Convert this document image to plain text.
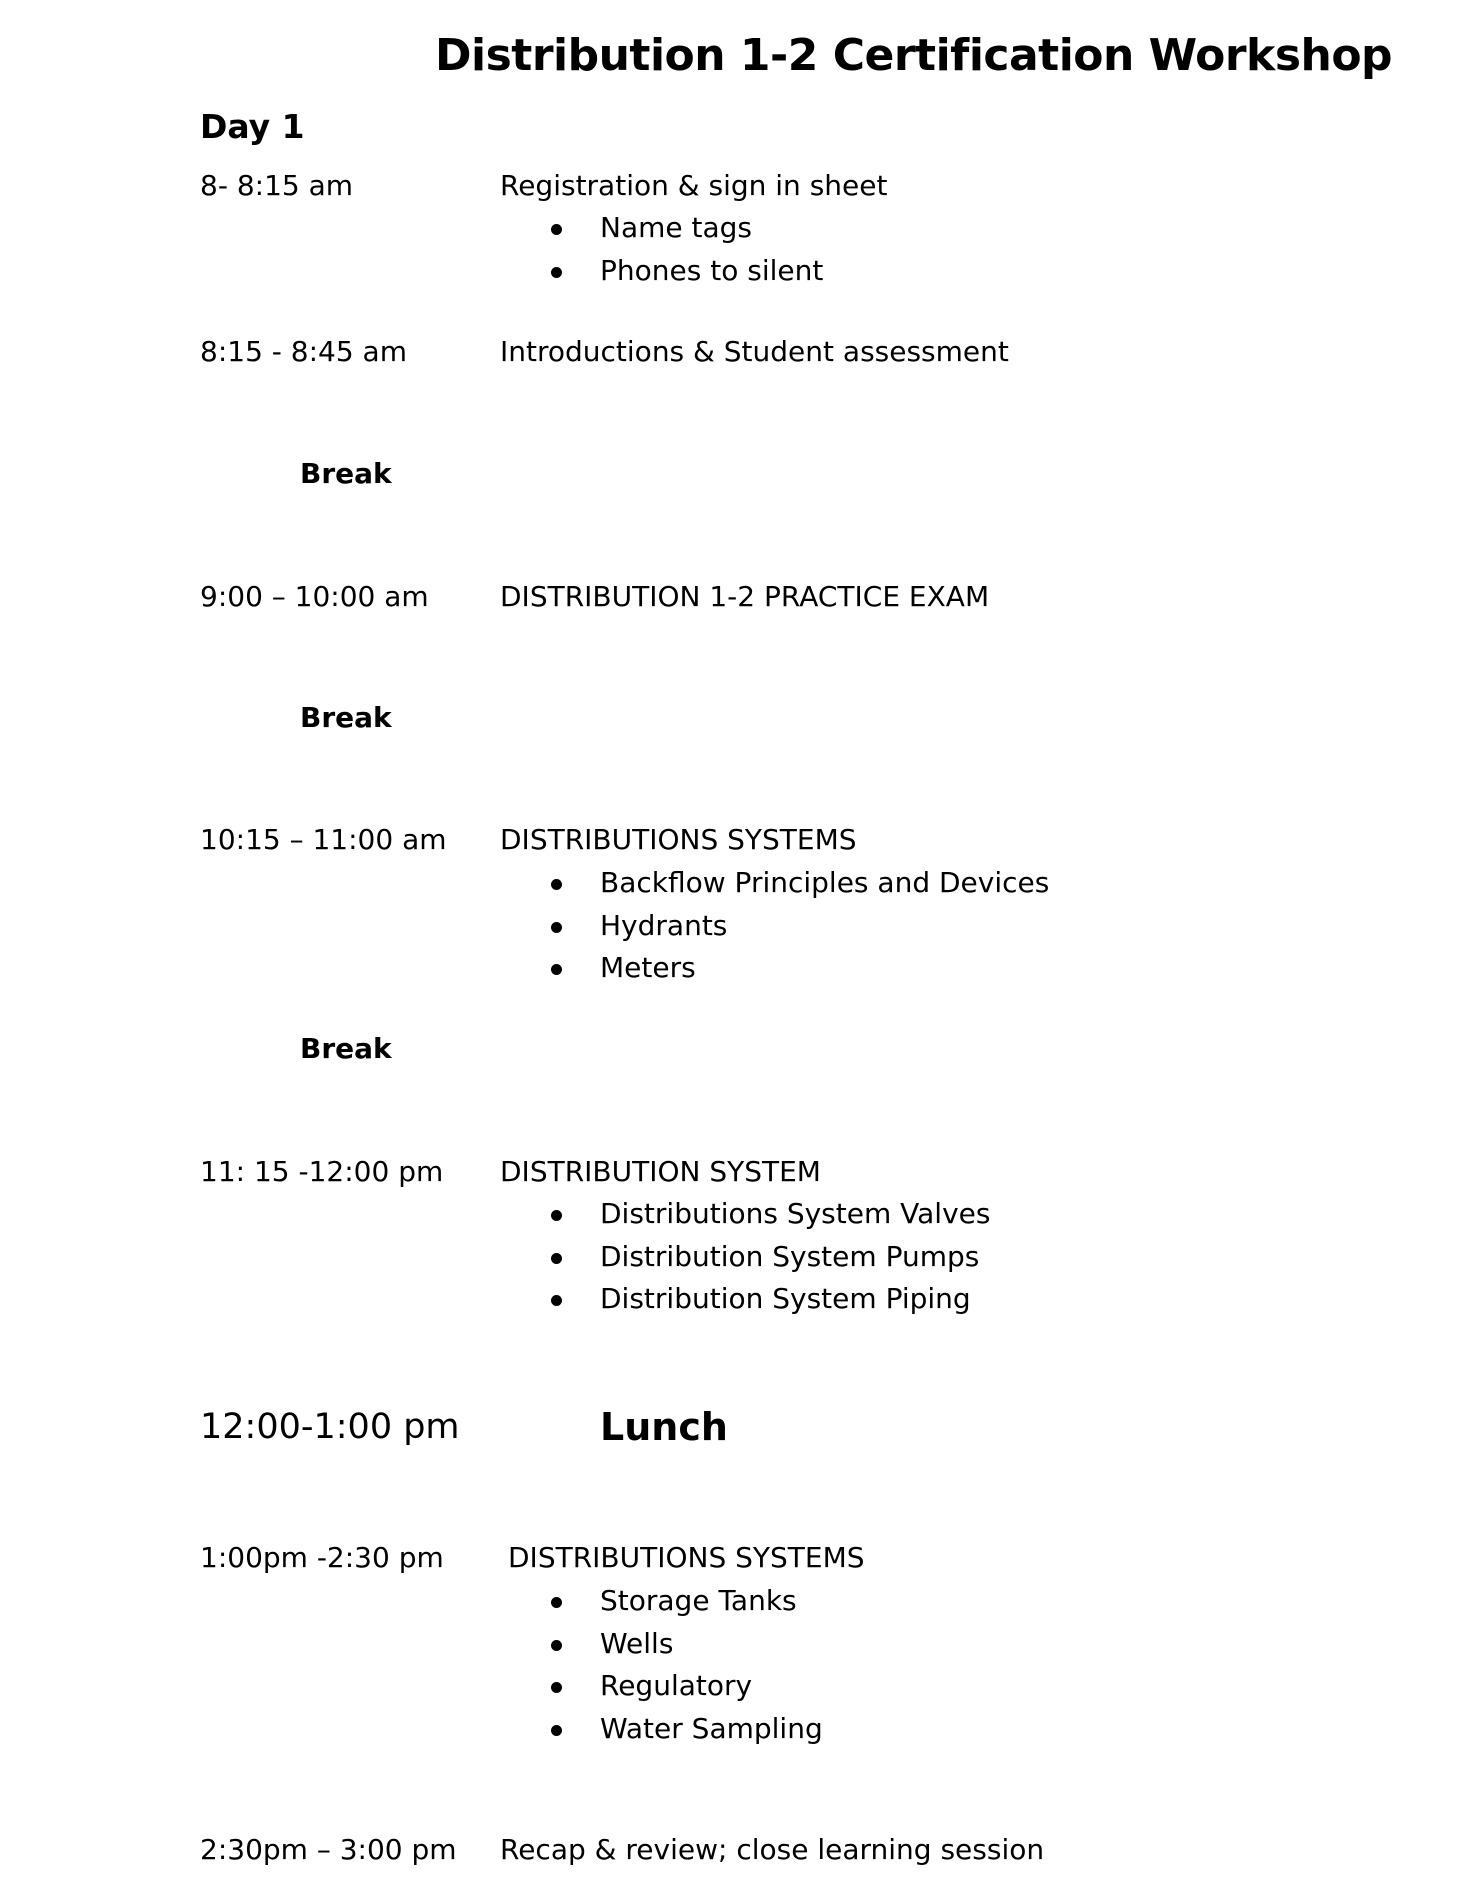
Distribution 1-2 Certification Workshop
Day 1
8- 8:15 am	Registration & sign in sheet
Name tags
Phones to silent
8:15 - 8:45 am	Introductions & Student assessment
Break
9:00 – 10:00 am	DISTRIBUTION 1-2 PRACTICE EXAM
Break
10:15 – 11:00 am DISTRIBUTIONS SYSTEMS
Backflow Principles and Devices
Hydrants
Meters
Break
11: 15 -12:00 pm DISTRIBUTION SYSTEM
Distributions System Valves
Distribution System Pumps
Distribution System Piping
12:00-1:00 pm	Lunch
1:00pm -2:30 pm DISTRIBUTIONS SYSTEMS
Storage Tanks
Wells
Regulatory
Water Sampling
2:30pm – 3:00 pm Recap & review; close learning session
